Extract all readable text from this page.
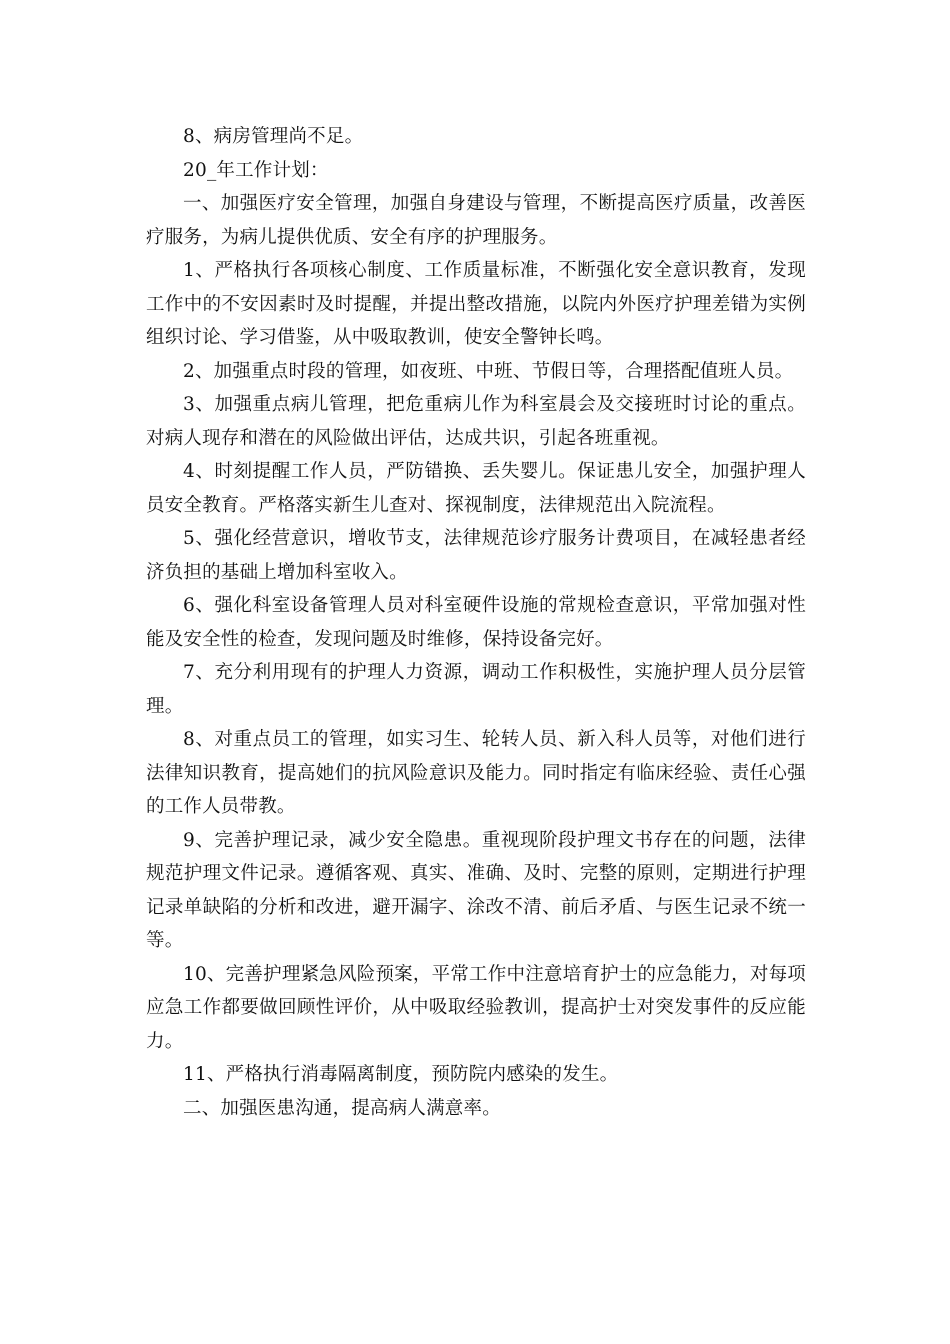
8、病房管理尚不足。

20_年工作计划：

一、加强医疗安全管理，加强自身建设与管理，不断提高医疗质量，改善医疗服务，为病儿提供优质、安全有序的护理服务。

1、严格执行各项核心制度、工作质量标准，不断强化安全意识教育，发现工作中的不安因素时及时提醒，并提出整改措施，以院内外医疗护理差错为实例组织讨论、学习借鉴，从中吸取教训，使安全警钟长鸣。

2、加强重点时段的管理，如夜班、中班、节假日等，合理搭配值班人员。

3、加强重点病儿管理，把危重病儿作为科室晨会及交接班时讨论的重点。对病人现存和潜在的风险做出评估，达成共识，引起各班重视。

4、时刻提醒工作人员，严防错换、丢失婴儿。保证患儿安全，加强护理人员安全教育。严格落实新生儿查对、探视制度，法律规范出入院流程。

5、强化经营意识，增收节支，法律规范诊疗服务计费项目，在减轻患者经济负担的基础上增加科室收入。

6、强化科室设备管理人员对科室硬件设施的常规检查意识，平常加强对性能及安全性的检查，发现问题及时维修，保持设备完好。

7、充分利用现有的护理人力资源，调动工作积极性，实施护理人员分层管理。

8、对重点员工的管理，如实习生、轮转人员、新入科人员等，对他们进行法律知识教育，提高她们的抗风险意识及能力。同时指定有临床经验、责任心强的工作人员带教。

9、完善护理记录，减少安全隐患。重视现阶段护理文书存在的问题，法律规范护理文件记录。遵循客观、真实、准确、及时、完整的原则，定期进行护理记录单缺陷的分析和改进，避开漏字、涂改不清、前后矛盾、与医生记录不统一等。

10、完善护理紧急风险预案，平常工作中注意培育护士的应急能力，对每项应急工作都要做回顾性评价，从中吸取经验教训，提高护士对突发事件的反应能力。

11、严格执行消毒隔离制度，预防院内感染的发生。

二、加强医患沟通，提高病人满意率。
